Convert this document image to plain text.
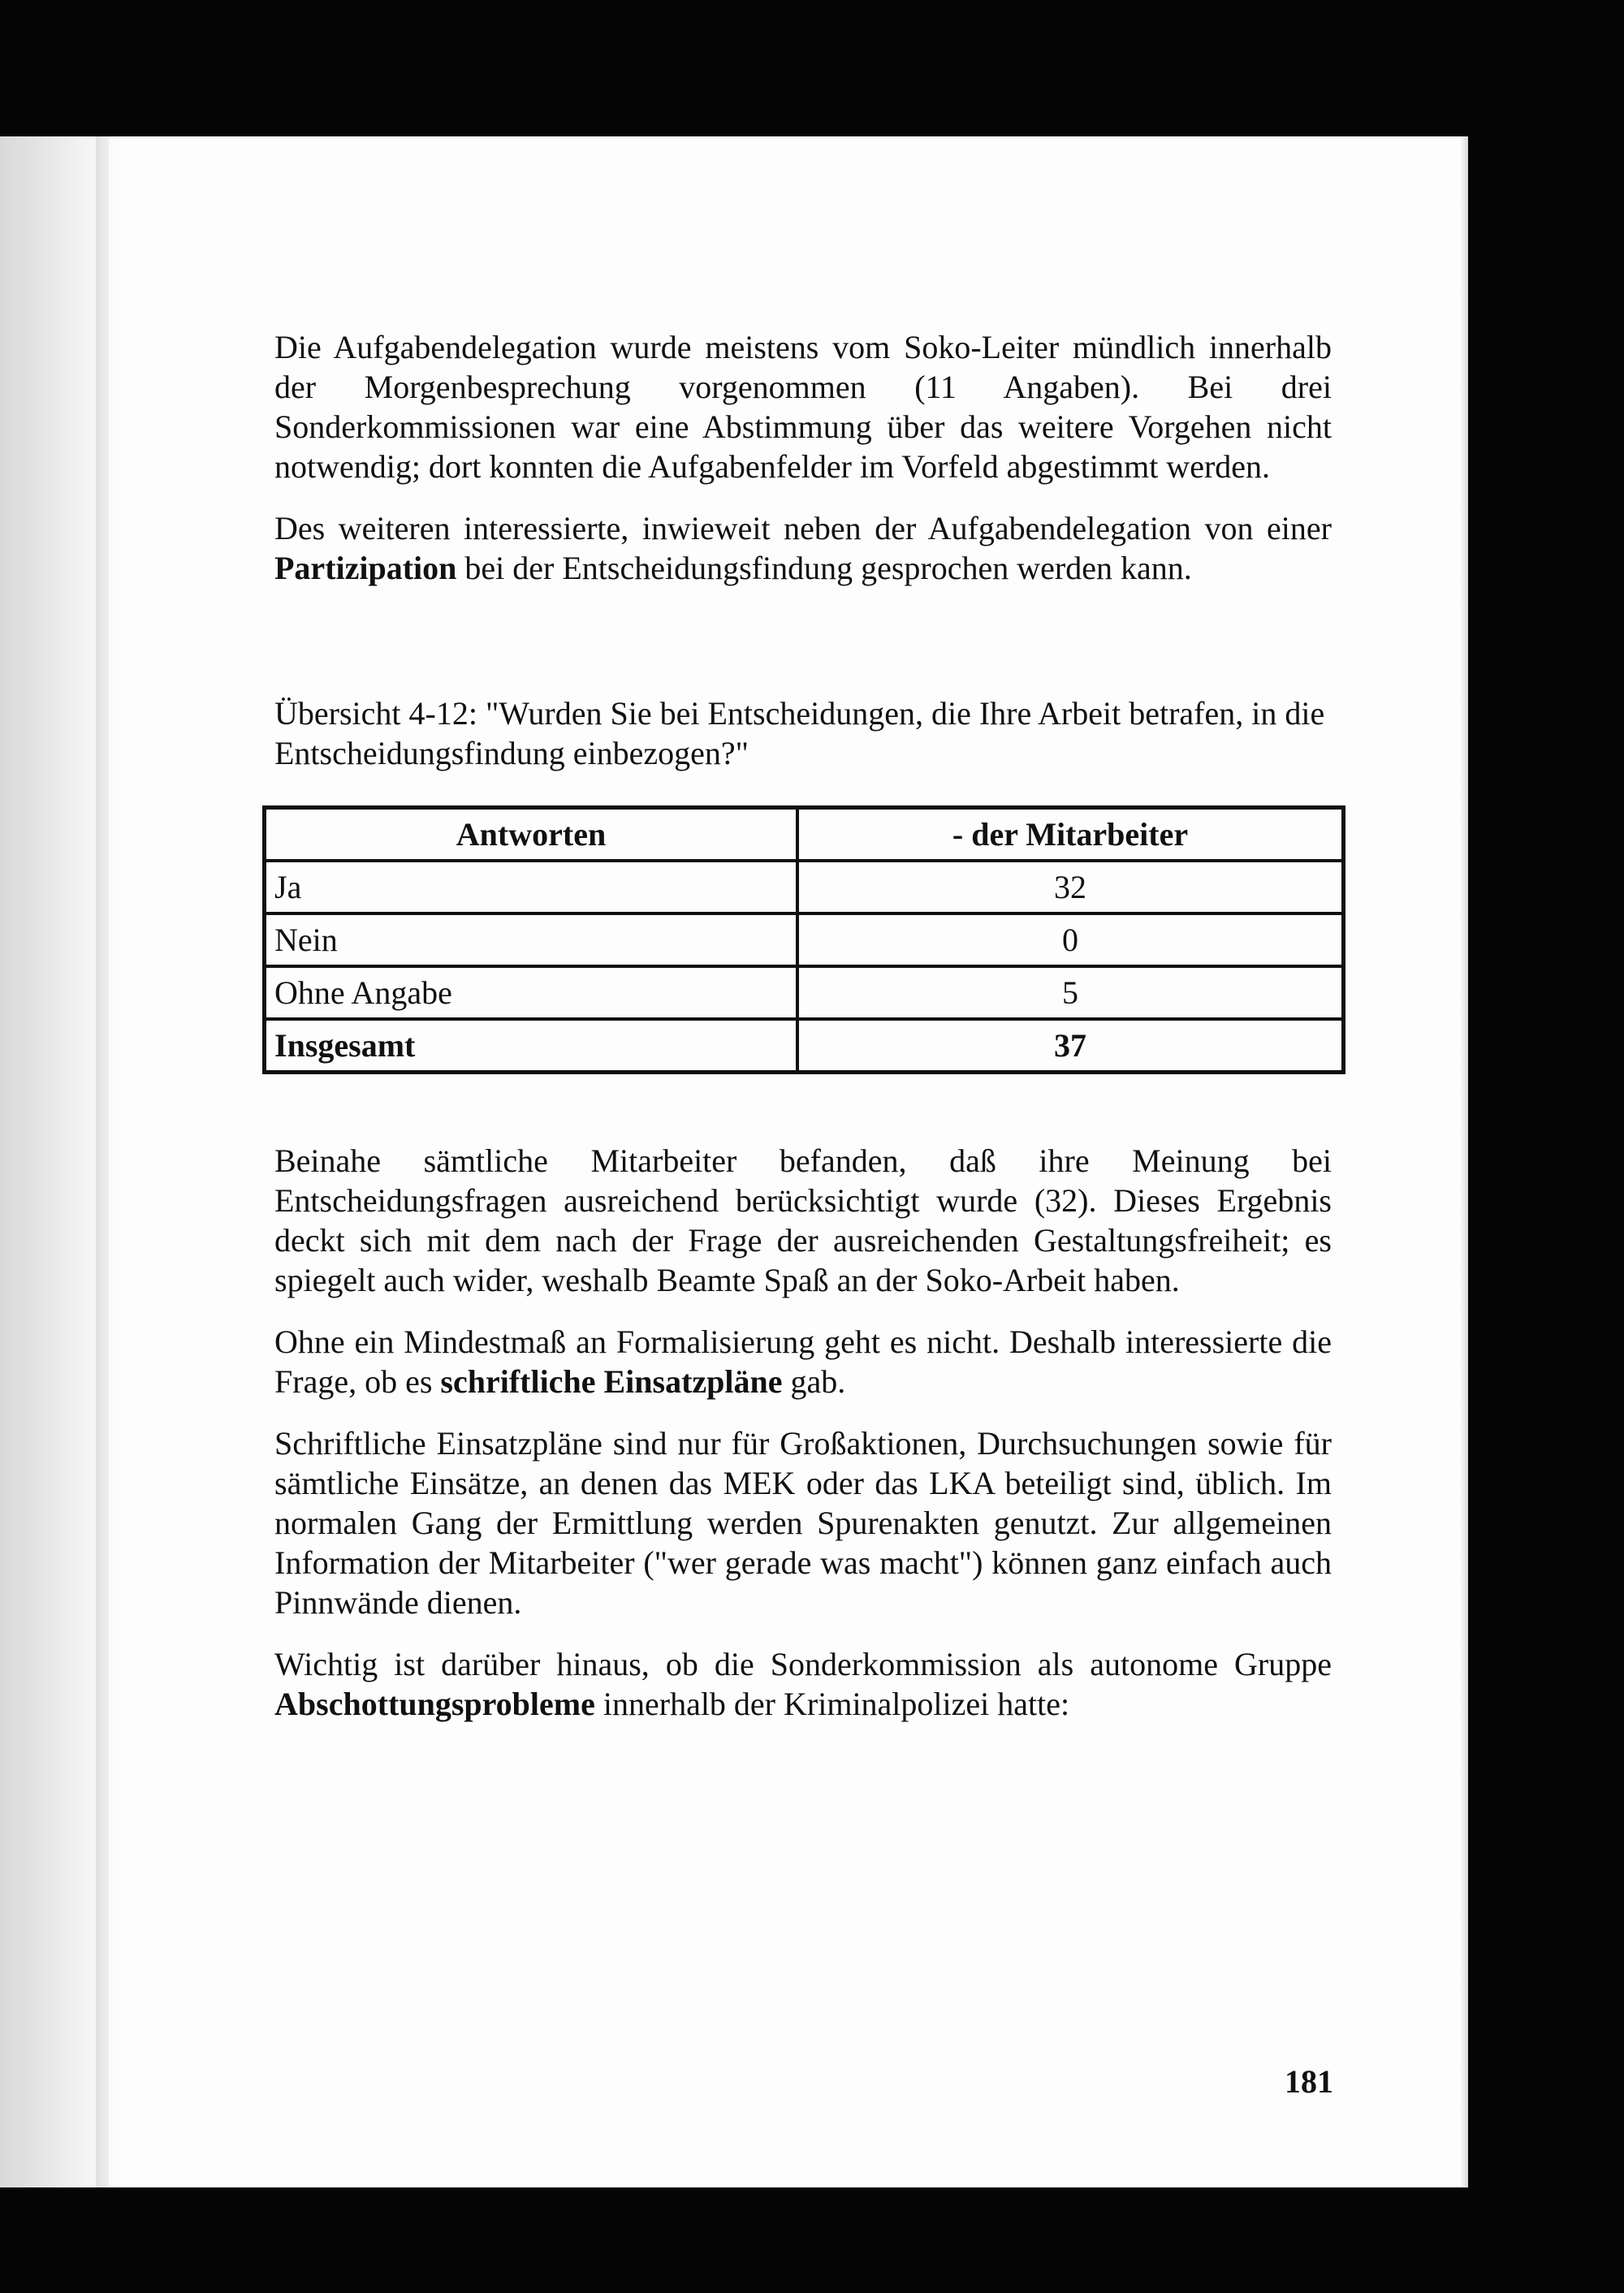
Die Aufgabendelegation wurde meistens vom Soko-Leiter mündlich innerhalb der Morgenbesprechung vorgenommen (11 Angaben). Bei drei Sonderkommissionen war eine Abstimmung über das weitere Vorgehen nicht notwendig; dort konnten die Aufgabenfelder im Vorfeld abgestimmt werden.

Des weiteren interessierte, inwieweit neben der Aufgabendelegation von einer Partizipation bei der Entscheidungsfindung gesprochen werden kann.

Übersicht 4-12: "Wurden Sie bei Entscheidungen, die Ihre Arbeit betrafen, in die Entscheidungsfindung einbezogen?"

Antworten	- der Mitarbeiter
Ja	32
Nein	0
Ohne Angabe	5
Insgesamt	37

Beinahe sämtliche Mitarbeiter befanden, daß ihre Meinung bei Entscheidungsfragen ausreichend berücksichtigt wurde (32). Dieses Ergebnis deckt sich mit dem nach der Frage der ausreichenden Gestaltungsfreiheit; es spiegelt auch wider, weshalb Beamte Spaß an der Soko-Arbeit haben.

Ohne ein Mindestmaß an Formalisierung geht es nicht. Deshalb interessierte die Frage, ob es schriftliche Einsatzpläne gab.

Schriftliche Einsatzpläne sind nur für Großaktionen, Durchsuchungen sowie für sämtliche Einsätze, an denen das MEK oder das LKA beteiligt sind, üblich. Im normalen Gang der Ermittlung werden Spurenakten genutzt. Zur allgemeinen Information der Mitarbeiter ("wer gerade was macht") können ganz einfach auch Pinnwände dienen.

Wichtig ist darüber hinaus, ob die Sonderkommission als autonome Gruppe Abschottungsprobleme innerhalb der Kriminalpolizei hatte:

181
